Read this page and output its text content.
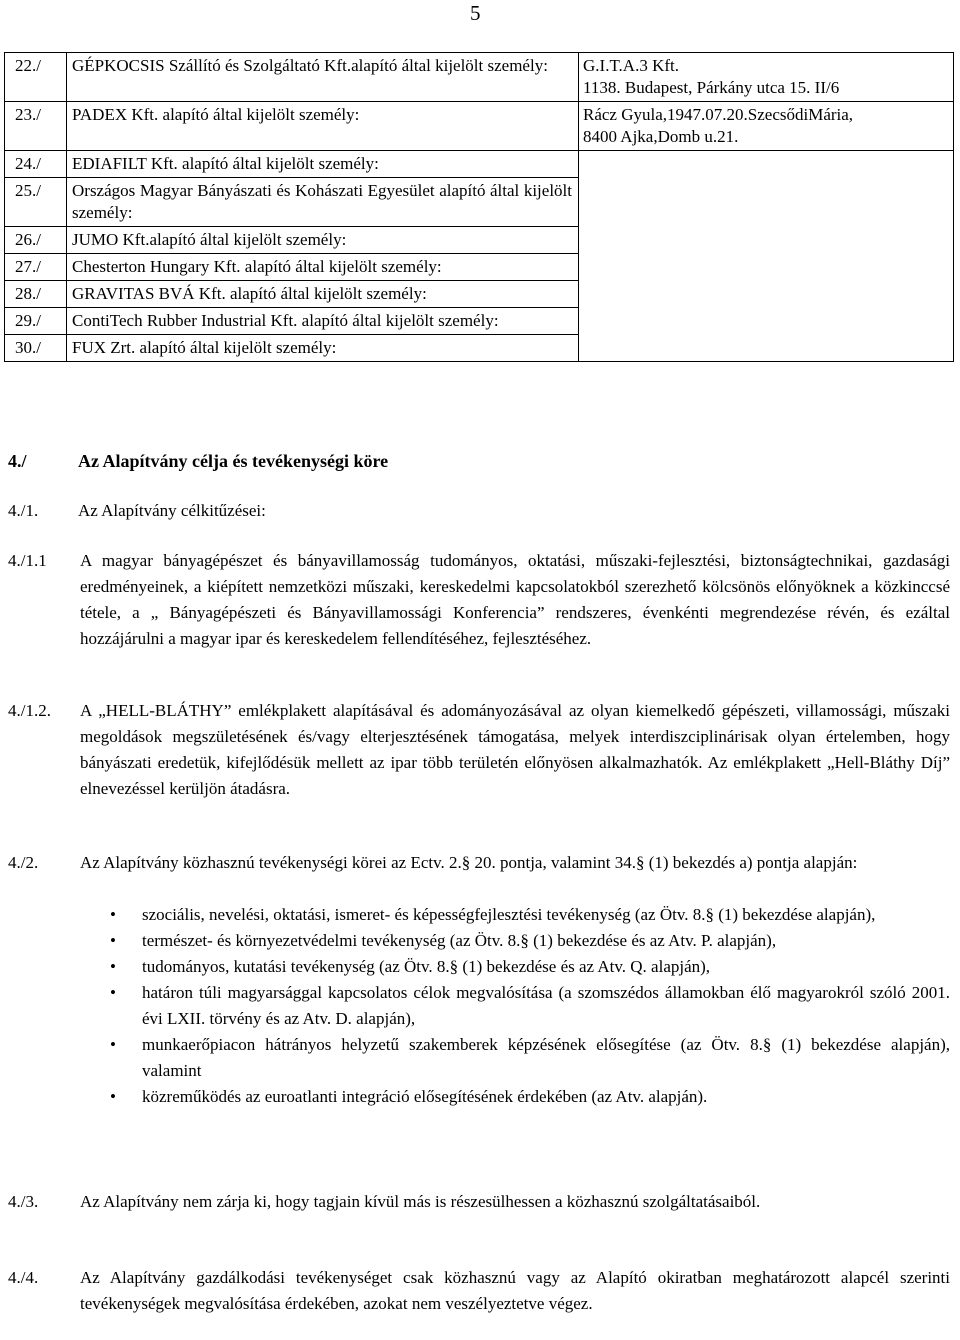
5
22./	GÉPKOCSIS Szállító és Szolgáltató Kft.alapító által kijelölt személy:	G.I.T.A.3 Kft.
1138. Budapest, Párkány utca 15. II/6

23./	PADEX Kft. alapító által kijelölt személy:	Rácz Gyula,1947.07.20.SzecsődiMária,
8400 Ajka,Domb u.21.

24./	EDIAFILT Kft. alapító által kijelölt személy:	
25./	Országos Magyar Bányászati és Kohászati Egyesület alapító által kijelölt személy:	
26./	JUMO Kft.alapító által kijelölt személy:	
27./	Chesterton Hungary Kft. alapító által kijelölt személy:	
28./	GRAVITAS BVÁ Kft. alapító által kijelölt személy:	
29./	ContiTech Rubber Industrial Kft. alapító által kijelölt személy:	
30./	FUX Zrt. alapító által kijelölt személy:	
4./	Az Alapítvány célja és tevékenységi köre
4./1. Az Alapítvány célkitűzései:
4./1.1 A magyar bányagépészet és bányavillamosság tudományos, oktatási, műszaki-fejlesztési, biztonságtechnikai, gazdasági eredményeinek, a kiépített nemzetközi műszaki, kereskedelmi kapcsolatokból szerezhető kölcsönös előnyöknek a közkinccsé tétele, a „ Bányagépészeti és Bányavillamossági Konferencia” rendszeres, évenkénti megrendezése révén, és ezáltal hozzájárulni a magyar ipar és kereskedelem fellendítéséhez, fejlesztéséhez.
4./1.2. A „HELL-BLÁTHY” emlékplakett alapításával és adományozásával az olyan kiemelkedő gépészeti, villamossági, műszaki megoldások megszületésének és/vagy elterjesztésének támogatása, melyek interdiszciplinárisak olyan értelemben, hogy bányászati eredetük, kifejlődésük mellett az ipar több területén előnyösen alkalmazhatók. Az emlékplakett „Hell-Bláthy Díj” elnevezéssel kerüljön átadásra.
4./2. Az Alapítvány közhasznú tevékenységi körei az Ectv. 2.§ 20. pontja, valamint 34.§ (1) bekezdés a) pontja alapján:
• szociális, nevelési, oktatási, ismeret- és képességfejlesztési tevékenység (az Ötv. 8.§ (1) bekezdése alapján),
• természet- és környezetvédelmi tevékenység (az Ötv. 8.§ (1) bekezdése és az Atv. P. alapján),
• tudományos, kutatási tevékenység (az Ötv. 8.§ (1) bekezdése és az Atv. Q. alapján),
• határon túli magyarsággal kapcsolatos célok megvalósítása (a szomszédos államokban élő magyarokról szóló 2001. évi LXII. törvény és az Atv. D. alapján),
• munkaerőpiacon hátrányos helyzetű szakemberek képzésének elősegítése (az Ötv. 8.§ (1) bekezdése alapján), valamint
• közreműködés az euroatlanti integráció elősegítésének érdekében (az Atv. alapján).
4./3. Az Alapítvány nem zárja ki, hogy tagjain kívül más is részesülhessen a közhasznú szolgáltatásaiból.
4./4. Az Alapítvány gazdálkodási tevékenységet csak közhasznú vagy az Alapító okiratban meghatározott alapcél szerinti tevékenységek megvalósítása érdekében, azokat nem veszélyeztetve végez.
